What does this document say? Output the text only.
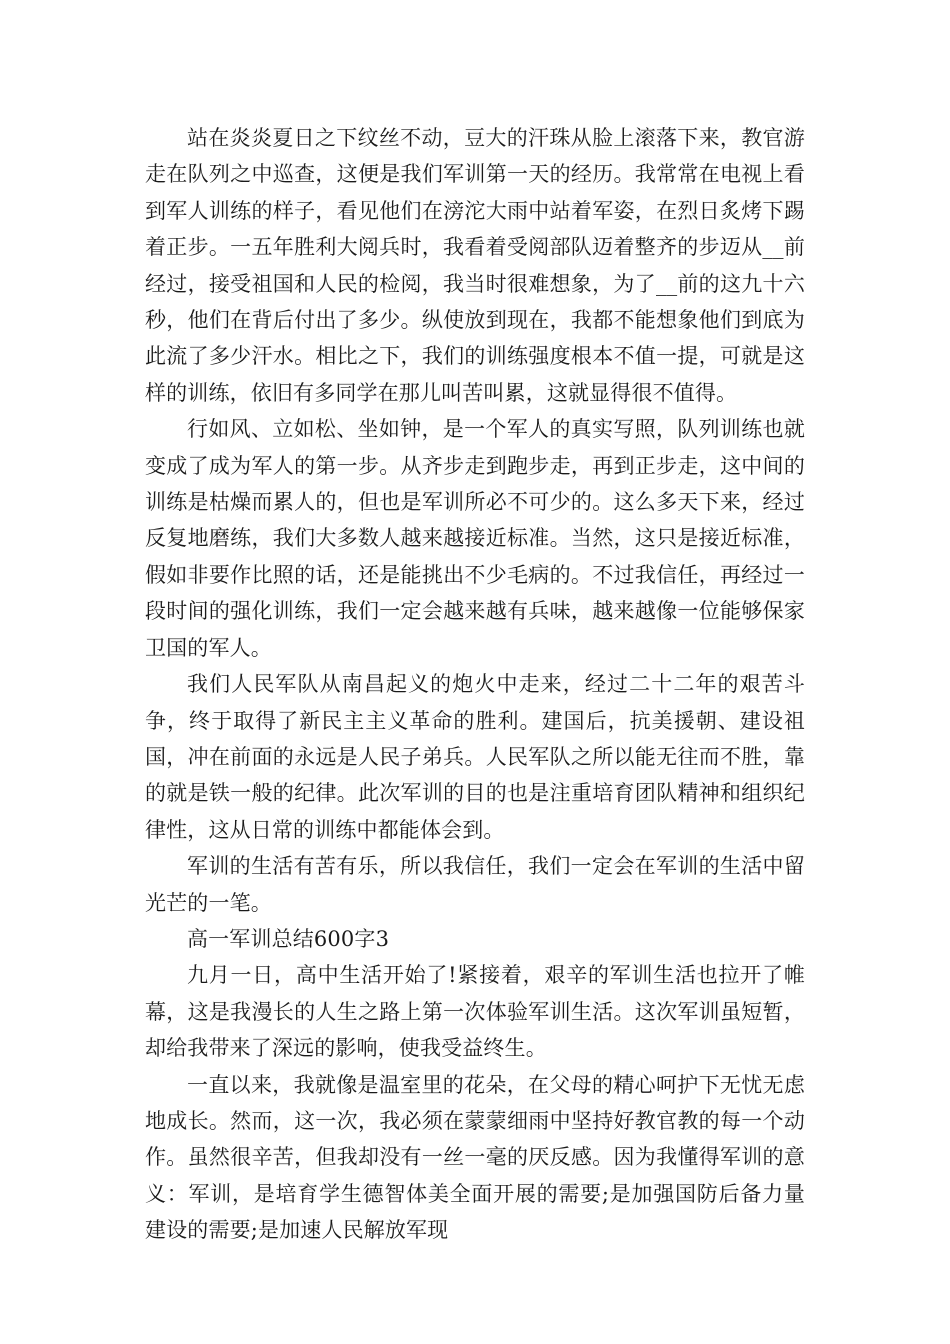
站在炎炎夏日之下纹丝不动，豆大的汗珠从脸上滚落下来，教官游走在队列之中巡查，这便是我们军训第一天的经历。我常常在电视上看到军人训练的样子，看见他们在滂沱大雨中站着军姿，在烈日炙烤下踢着正步。一五年胜利大阅兵时，我看着受阅部队迈着整齐的步迈从__前经过，接受祖国和人民的检阅，我当时很难想象，为了__前的这九十六秒，他们在背后付出了多少。纵使放到现在，我都不能想象他们到底为此流了多少汗水。相比之下，我们的训练强度根本不值一提，可就是这样的训练，依旧有多同学在那儿叫苦叫累，这就显得很不值得。

行如风、立如松、坐如钟，是一个军人的真实写照，队列训练也就变成了成为军人的第一步。从齐步走到跑步走，再到正步走，这中间的训练是枯燥而累人的，但也是军训所必不可少的。这么多天下来，经过反复地磨练，我们大多数人越来越接近标准。当然，这只是接近标准，假如非要作比照的话，还是能挑出不少毛病的。不过我信任，再经过一段时间的强化训练，我们一定会越来越有兵味，越来越像一位能够保家卫国的军人。

我们人民军队从南昌起义的炮火中走来，经过二十二年的艰苦斗争，终于取得了新民主主义革命的胜利。建国后，抗美援朝、建设祖国，冲在前面的永远是人民子弟兵。人民军队之所以能无往而不胜，靠的就是铁一般的纪律。此次军训的目的也是注重培育团队精神和组织纪律性，这从日常的训练中都能体会到。

军训的生活有苦有乐，所以我信任，我们一定会在军训的生活中留光芒的一笔。

高一军训总结600字3

九月一日，高中生活开始了!紧接着，艰辛的军训生活也拉开了帷幕，这是我漫长的人生之路上第一次体验军训生活。这次军训虽短暂，却给我带来了深远的影响，使我受益终生。

一直以来，我就像是温室里的花朵，在父母的精心呵护下无忧无虑地成长。然而，这一次，我必须在蒙蒙细雨中坚持好教官教的每一个动作。虽然很辛苦，但我却没有一丝一毫的厌反感。因为我懂得军训的意义：军训，是培育学生德智体美全面开展的需要;是加强国防后备力量建设的需要;是加速人民解放军现
